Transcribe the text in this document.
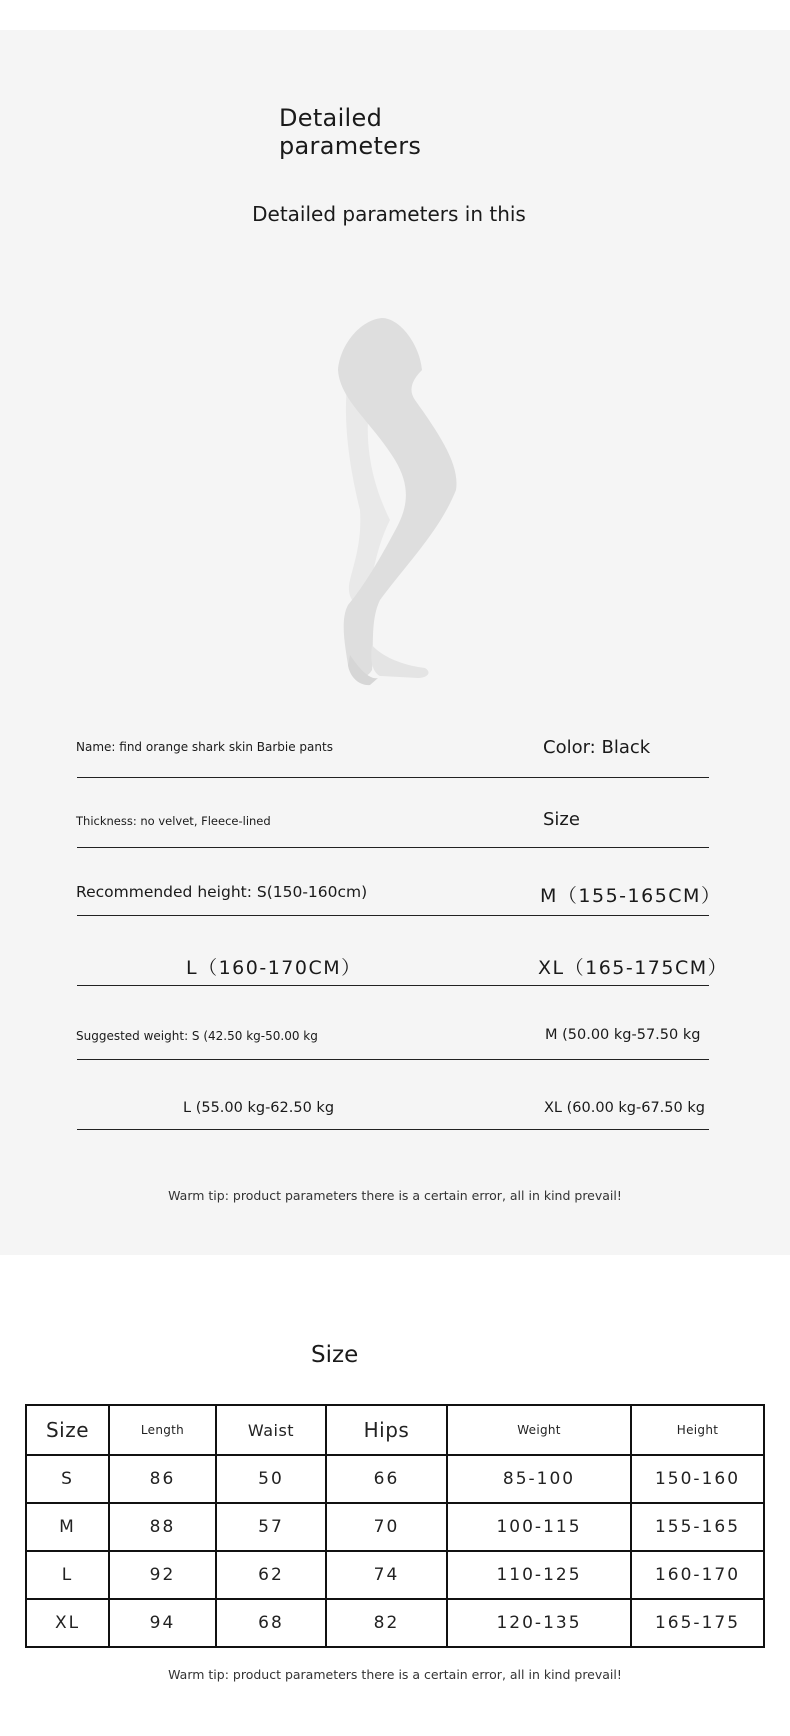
Detailed
parameters
Detailed parameters in this
Name: find orange shark skin Barbie pants	Color: Black
Thickness: no velvet, Fleece-lined	Size
Recommended height: S(150-160cm)	M（155-165CM）
L（160-170CM）	XL（165-175CM）
Suggested weight: S (42.50 kg-50.00 kg	M (50.00 kg-57.50 kg
L (55.00 kg-62.50 kg	XL (60.00 kg-67.50 kg
Warm tip: product parameters there is a certain error, all in kind prevail!
Size
Size	Length	Waist	Hips	Weight	Height
S	86	50	66	85-100	150-160
M	88	57	70	100-115	155-165
L	92	62	74	110-125	160-170
XL	94	68	82	120-135	165-175
Warm tip: product parameters there is a certain error, all in kind prevail!
